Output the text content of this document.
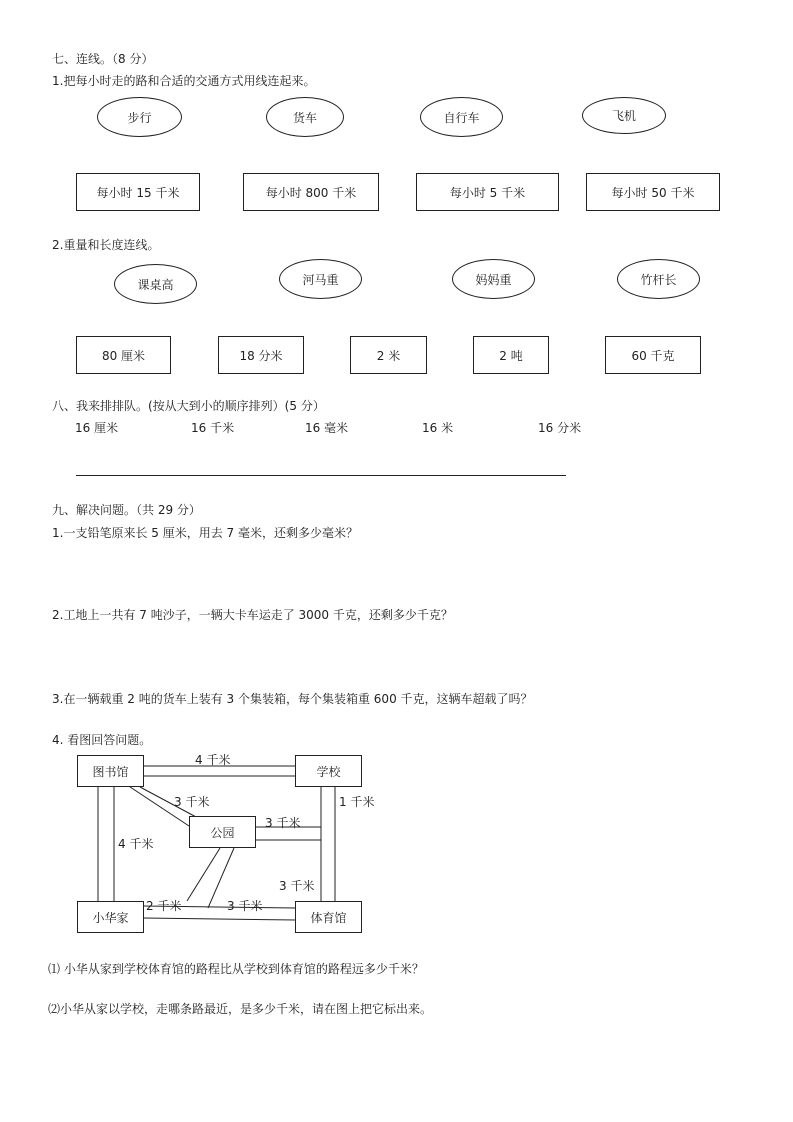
七、连线。（8 分）
1.把每小时走的路和合适的交通方式用线连起来。
步行	货车	自行车	飞机
每小时 15 千米	每小时 800 千米	每小时 5 千米	每小时 50 千米
2.重量和长度连线。
课桌高	河马重	妈妈重	竹杆长
80 厘米	18 分米	2 米	2 吨	60 千克
八、我来排排队。(按从大到小的顺序排列）(5 分）
16 厘米	16 千米	16 毫米	16 米	16 分米
九、解决问题。（共 29 分）
1.一支铅笔原来长 5 厘米，用去 7 毫米，还剩多少毫米？
2.工地上一共有 7 吨沙子，一辆大卡车运走了 3000 千克，还剩多少千克？
3.在一辆载重 2 吨的货车上装有 3 个集装箱，每个集装箱重 600 千克，这辆车超载了吗？
4. 看图回答问题。
图书馆	学校
公园
小华家	体育馆
4 千米
3 千米	1 千米
3 千米
4 千米
3 千米
2 千米	3 千米
⑴ 小华从家到学校体育馆的路程比从学校到体育馆的路程远多少千米？
⑵小华从家以学校，走哪条路最近，是多少千米，请在图上把它标出来。
